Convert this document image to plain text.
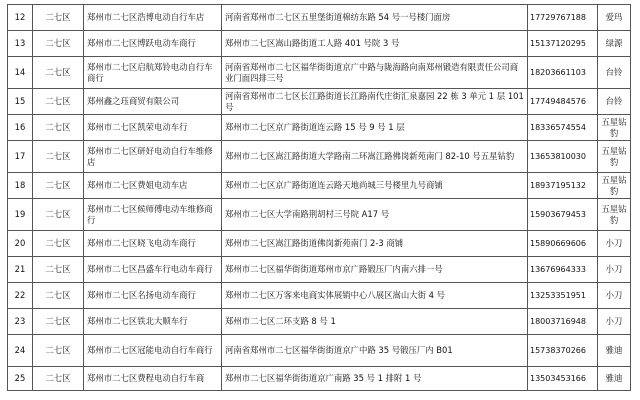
12	二七区	郑州市二七区浩博电动自行车店	河南省郑州市二七区五里堡街道棉纺东路 54 号一号楼门面房	17729767188	爱玛
13	二七区	郑州市二七区博跃电动车商行	郑州市二七区嵩山路街道工人路 401 号院 3 号	15137120295	绿源
14	二七区	郑州市二七区启航郑铃电动自行车商行	河南省郑州市二七区福华街街道京广中路与陇海路向南郑州锻造有限责任公司商业门面四排三号	18203661103	台铃
15	二七区	郑州鑫之珏商贸有限公司	河南省郑州市二七区长江路街道长江路南代庄街汇泉嘉园 22 栋 3 单元 1 层 101 号	17749484576	台铃
16	二七区	郑州市二七区凯荣电动车行	郑州市二七区京广路街道连云路 15 号 9 号 1 层	18336574554	五星钻豹
17	二七区	郑州市二七区研好电动自行车维修店	郑州市二七区嵩江路街道大学路南二环嵩江路佛岗新苑南门 82-10 号五星钻豹	13653810030	五星钻豹
18	二七区	郑州市二七区费姐电动车店	郑州市二七区京广路街道连云路天地尚城三号楼里九号商铺	18937195132	五星钻豹
19	二七区	郑州市二七区候师傅电动车维修商行	郑州市二七区大学南路荆胡村三号院 A17 号	15903679453	五星钻豹
20	二七区	郑州市二七区晓飞电动车商行	郑州市二七区嵩江路街道佛岗新苑南门 2-3 商铺	15890669606	小刀
21	二七区	郑州市二七区昌盛车行电动车商行	郑州市二七区福华街街道郑州市京广路锻压厂内南六排一号	13676964333	小刀
22	二七区	郑州市二七区名扬电动车商行	郑州市二七区万客来电商实体展销中心八展区嵩山大街 4 号	13253351951	小刀
23	二七区	郑州市二七区铁北大顺车行	郑州市二七区二环支路 8 号 1	18003716948	小刀
24	二七区	郑州市二七区冠能电动自行车商行	河南省郑州市二七区福华街街道京广中路 35 号锻压厂内 B01	15738370266	雅迪
25	二七区	郑州市二七区费程电动自行车商	郑州市二七区福华街街道京广南路 35 号 1 排附 1 号	13503453166	雅迪
